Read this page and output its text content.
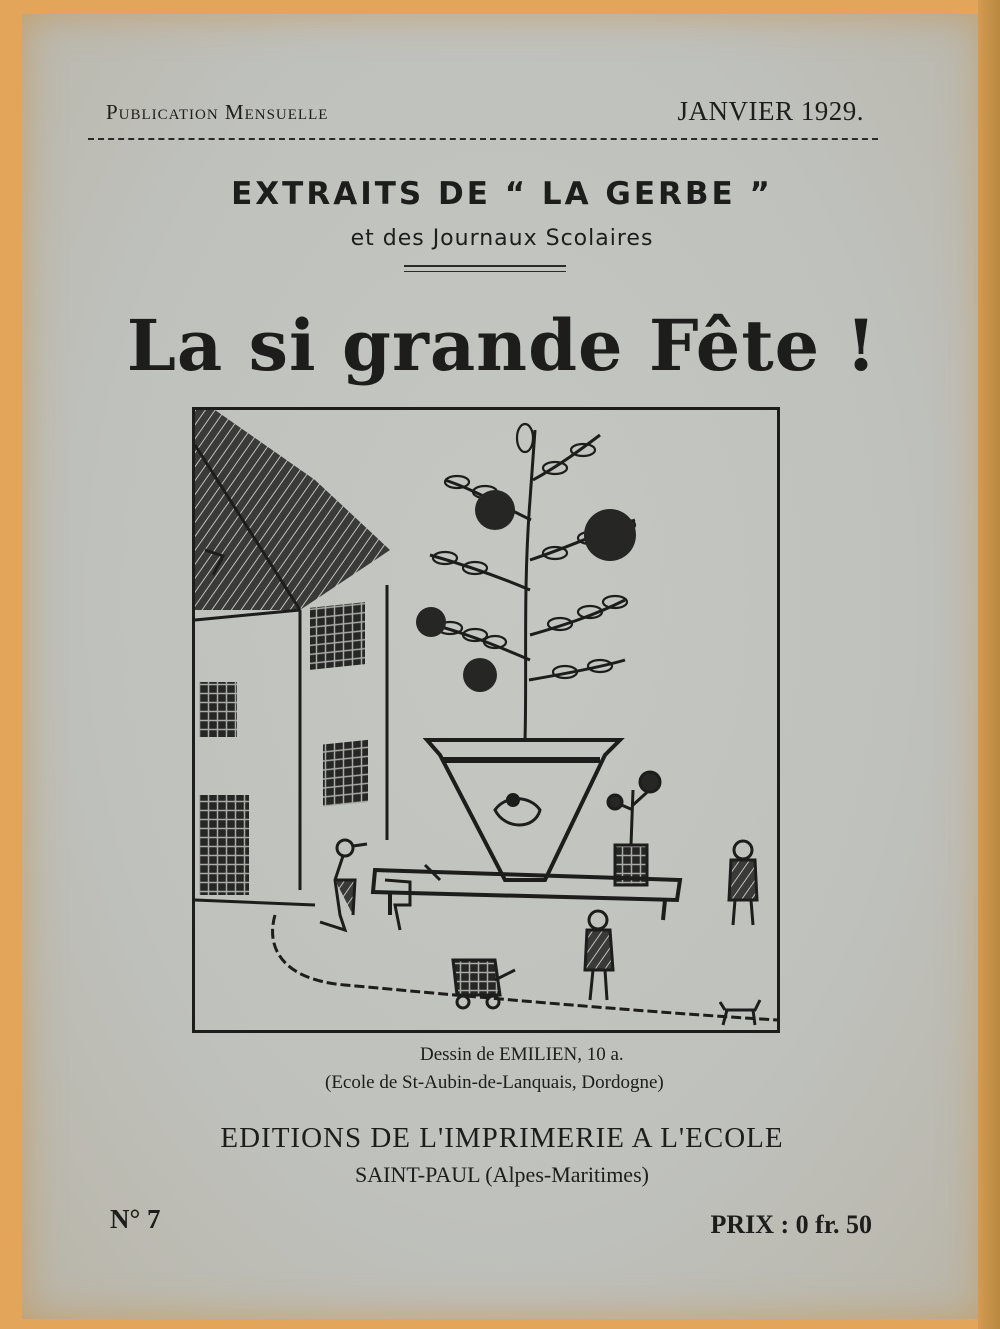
Publication Mensuelle	JANVIER 1929.
EXTRAITS DE “ LA GERBE ”
et des Journaux Scolaires
La si grande Fête !
Dessin de EMILIEN, 10 a.
(Ecole de St-Aubin-de-Lanquais, Dordogne)
EDITIONS DE L'IMPRIMERIE A L'ECOLE
SAINT-PAUL (Alpes-Maritimes)
N° 7	PRIX : 0 fr. 50
